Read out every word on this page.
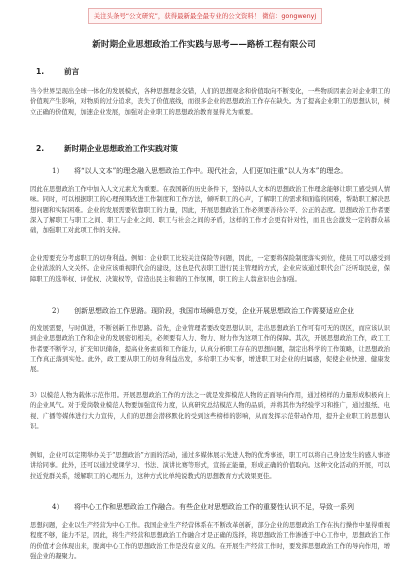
关注头条号“公文研究”，获得最新最全最专业的公文资料！ 微信：gongwenyj
新时期企业思想政治工作实践与思考——路桥工程有限公司
1.	前言
当今世界呈现出全球一体化的发展模式，各种思想理念交错，人们的思想观念和价值取向不断变化，一些物质因素会对企业职工的价值观产生影响，对物质的过分追求，丧失了价值底线，而很多企业的思想政治工作存在缺失。为了提高企业职工的思想认识，树立正确的价值观，加速企业发展，加强对企业职工的思想政治教育显得尤为重要。
2.	新时期企业思想政治工作实践对策
1） 将“以人文本”的理念融入思想政治工作中。现代社会，人们更加注重“以人为本”的理念。
因此在思想政治工作中加入人文元素尤为重要。在我国新的历史条件下，坚持以人文本的思想政治工作理念能够让职工感受到人情味。同时，可以根据职工的心理预期改进工作制度和工作方法，倾听职工的心声，了解职工的需求和面临的困难，帮助职工解决思想问题和实际困难。企业的发展需要依靠职工的力量，因此，开展思想政治工作必须要善待公平、公正的态度。思想政治工作者要深入了解职工与职工之间、职工与企业之间、职工与社会之间的矛盾，这样的工作才会更有针对性，而且也会激发一定的群众基础，加强职工对此项工作的支持。
企业需要充分考虑职工的切身利益。例如：企业职工比较关注保险等问题，因此，一定要将保险制度落实到位，使员工可以感受到企业浓浓的人文关怀。企业应该重视职代会的建设，这也是代表职工进行民主管理的方式，企业应该通过职代会广泛听取民意，保障职工的选举权、评优权、决策权等，营造出民主和谐的工作氛围，职工的主人翁意识也会加强。
2） 创新思想政治工作思路。现阶段，我国市场瞬息万变，企业开展思想政治工作需要适应企业
的发展需要，与时俱进，不断创新工作思路。首先，企业管理者要改变思想认识，走出思想政治工作可有可无的误区，而应该认识到企业思想政治工作和企业的发展密切相关，必须要有人力、物力、财力作为这项工作的保障。其次，开展思想政治工作，政工工作者要不断学习，扩充知识储备，提高业务素质和工作能力，认真分析职工存在的思想问题，制定出科学的工作策略，让思想政治工作真正落到实处。此外，政工要从职工的切身利益出发，多给职工办实事，增进职工对企业的归属感，促使企业快速、健康发展。
3）以模范人物为载体示范作用。开展思想政治工作的方法之一就是发挥模范人物的正面导向作用，通过榜样的力量形成积极向上的企业风气。对于爱岗敬业模范人物要加强宣传力度，认真研究总结模范人物的品质，并将其作为经验学习和推广，通过报纸、电视、广播等媒体进行大力宣传，人们的思想会潜移默化的受到这些榜样的影响，从而发挥示范带动作用，提升企业职工的思想认识。
例如，企业可以定期举办关于“思想政治”方面的活动，通过多媒体展示先进人物的优秀事迹，职工可以将自己身边发生的感人事迹讲给同事。此外，还可以通过党课学习、书法、演讲比赛等形式，宣扬正能量，形成正确的价值取向。这种文化活动的开展，可以拉近党群关系，缓解职工的心理压力，这种方式比单纯说教式的思想教育方式效果更佳。
4） 将中心工作和思想政治工作融合。有些企业对思想政治工作的重要性认识不足，导致一系列
思想问题，企业以生产经营为中心工作。我国企业生产经营体系在不断改革创新，部分企业的思想政治工作在执行操作中显得重视程度不够，能力不足，因此，将生产经营和思想政治工作融合才是正确的选择，将思想政治工作渗透于中心工作中，思想政治工作的价值才会体现出来，脱离中心工作的思想政治工作是没有意义的。在开展生产经营工作时，要发挥思想政治工作的导向作用，增强企业的凝聚力。
